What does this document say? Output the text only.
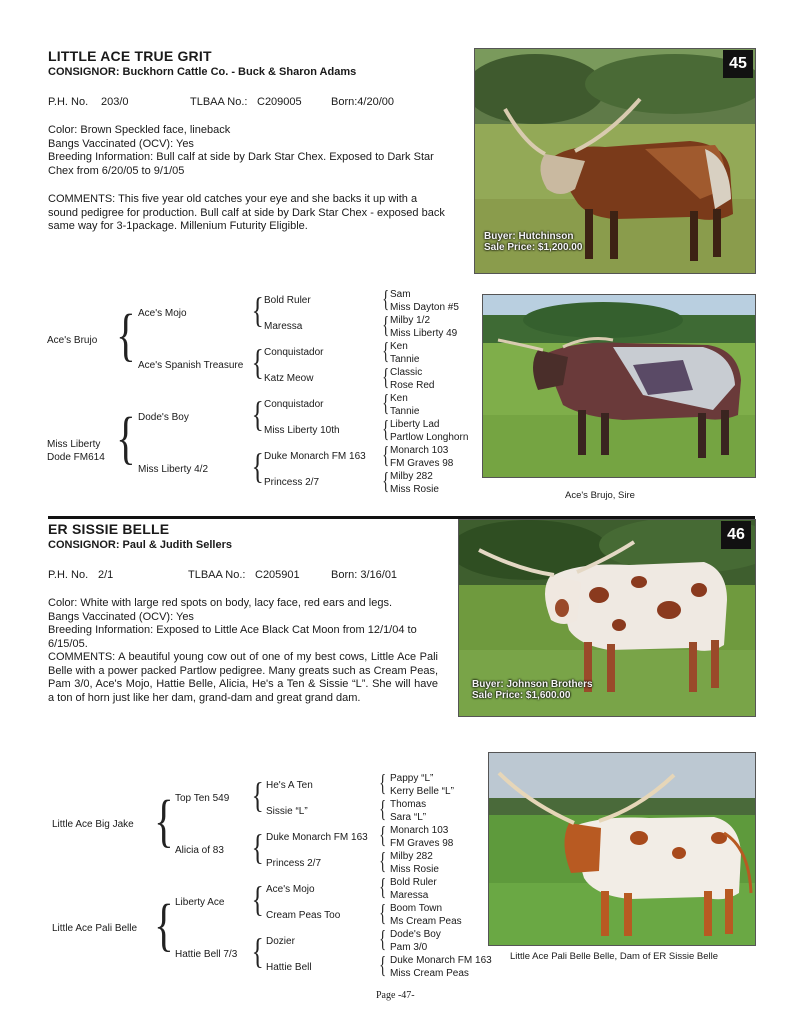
LITTLE ACE TRUE GRIT
CONSIGNOR: Buckhorn Cattle Co. - Buck & Sharon Adams
P.H. No. 203/0	TLBAA No.: C209005	Born:4/20/00
Color: Brown Speckled face, lineback
Bangs Vaccinated (OCV): Yes
Breeding Information: Bull calf at side by Dark Star Chex. Exposed to Dark Star Chex from 6/20/05 to 9/1/05
COMMENTS: This five year old catches your eye and she backs it up with a sound pedigree for production. Bull calf at side by Dark Star Chex - exposed back same way for 3-1package. Millenium Futurity Eligible.
45
Buyer: Hutchinson
Sale Price: $1,200.00
Ace's Brujo
Miss Liberty Dode FM614
{
{
Ace's Mojo
Ace's Spanish Treasure
Dode's Boy
Miss Liberty 4/2
{
{
{
{
Bold Ruler
Maressa
Conquistador
Katz Meow
Conquistador
Miss Liberty 10th
Duke Monarch FM 163
Princess 2/7
{
{
{
{
{
{
{
{
Sam
Miss Dayton #5
Milby 1/2
Miss Liberty 49
Ken
Tannie
Classic
Rose Red
Ken
Tannie
Liberty Lad
Partlow Longhorn
Monarch 103
FM Graves 98
Milby 282
Miss Rosie
Ace's Brujo, Sire
ER SISSIE BELLE
CONSIGNOR: Paul & Judith Sellers
P.H. No. 2/1	TLBAA No.: C205901	Born: 3/16/01
Color: White with large red spots on body, lacy face, red ears and legs.
Bangs Vaccinated (OCV): Yes
Breeding Information: Exposed to Little Ace Black Cat Moon from 12/1/04 to 6/15/05.
COMMENTS: A beautiful young cow out of one of my best cows, Little Ace Pali Belle with a power packed Partlow pedigree. Many greats such as Cream Peas, Pam 3/0, Ace's Mojo, Hattie Belle, Alicia, He's a Ten & Sissie “L”. She will have a ton of horn just like her dam, grand-dam and great grand dam.
46
Buyer: Johnson Brothers
Sale Price: $1,600.00
Little Ace Big Jake
Little Ace Pali Belle
{
{
Top Ten 549
Alicia of 83
Liberty Ace
Hattie Bell 7/3
{
{
{
{
He's A Ten
Sissie “L”
Duke Monarch FM 163
Princess 2/7
Ace's Mojo
Cream Peas Too
Dozier
Hattie Bell
{
{
{
{
{
{
{
{
Pappy “L”
Kerry Belle “L”
Thomas
Sara “L”
Monarch 103
FM Graves 98
Milby 282
Miss Rosie
Bold Ruler
Maressa
Boom Town
Ms Cream Peas
Dode's Boy
Pam 3/0
Duke Monarch FM 163
Miss Cream Peas
Little Ace Pali Belle Belle, Dam of ER Sissie Belle
Page -47-
